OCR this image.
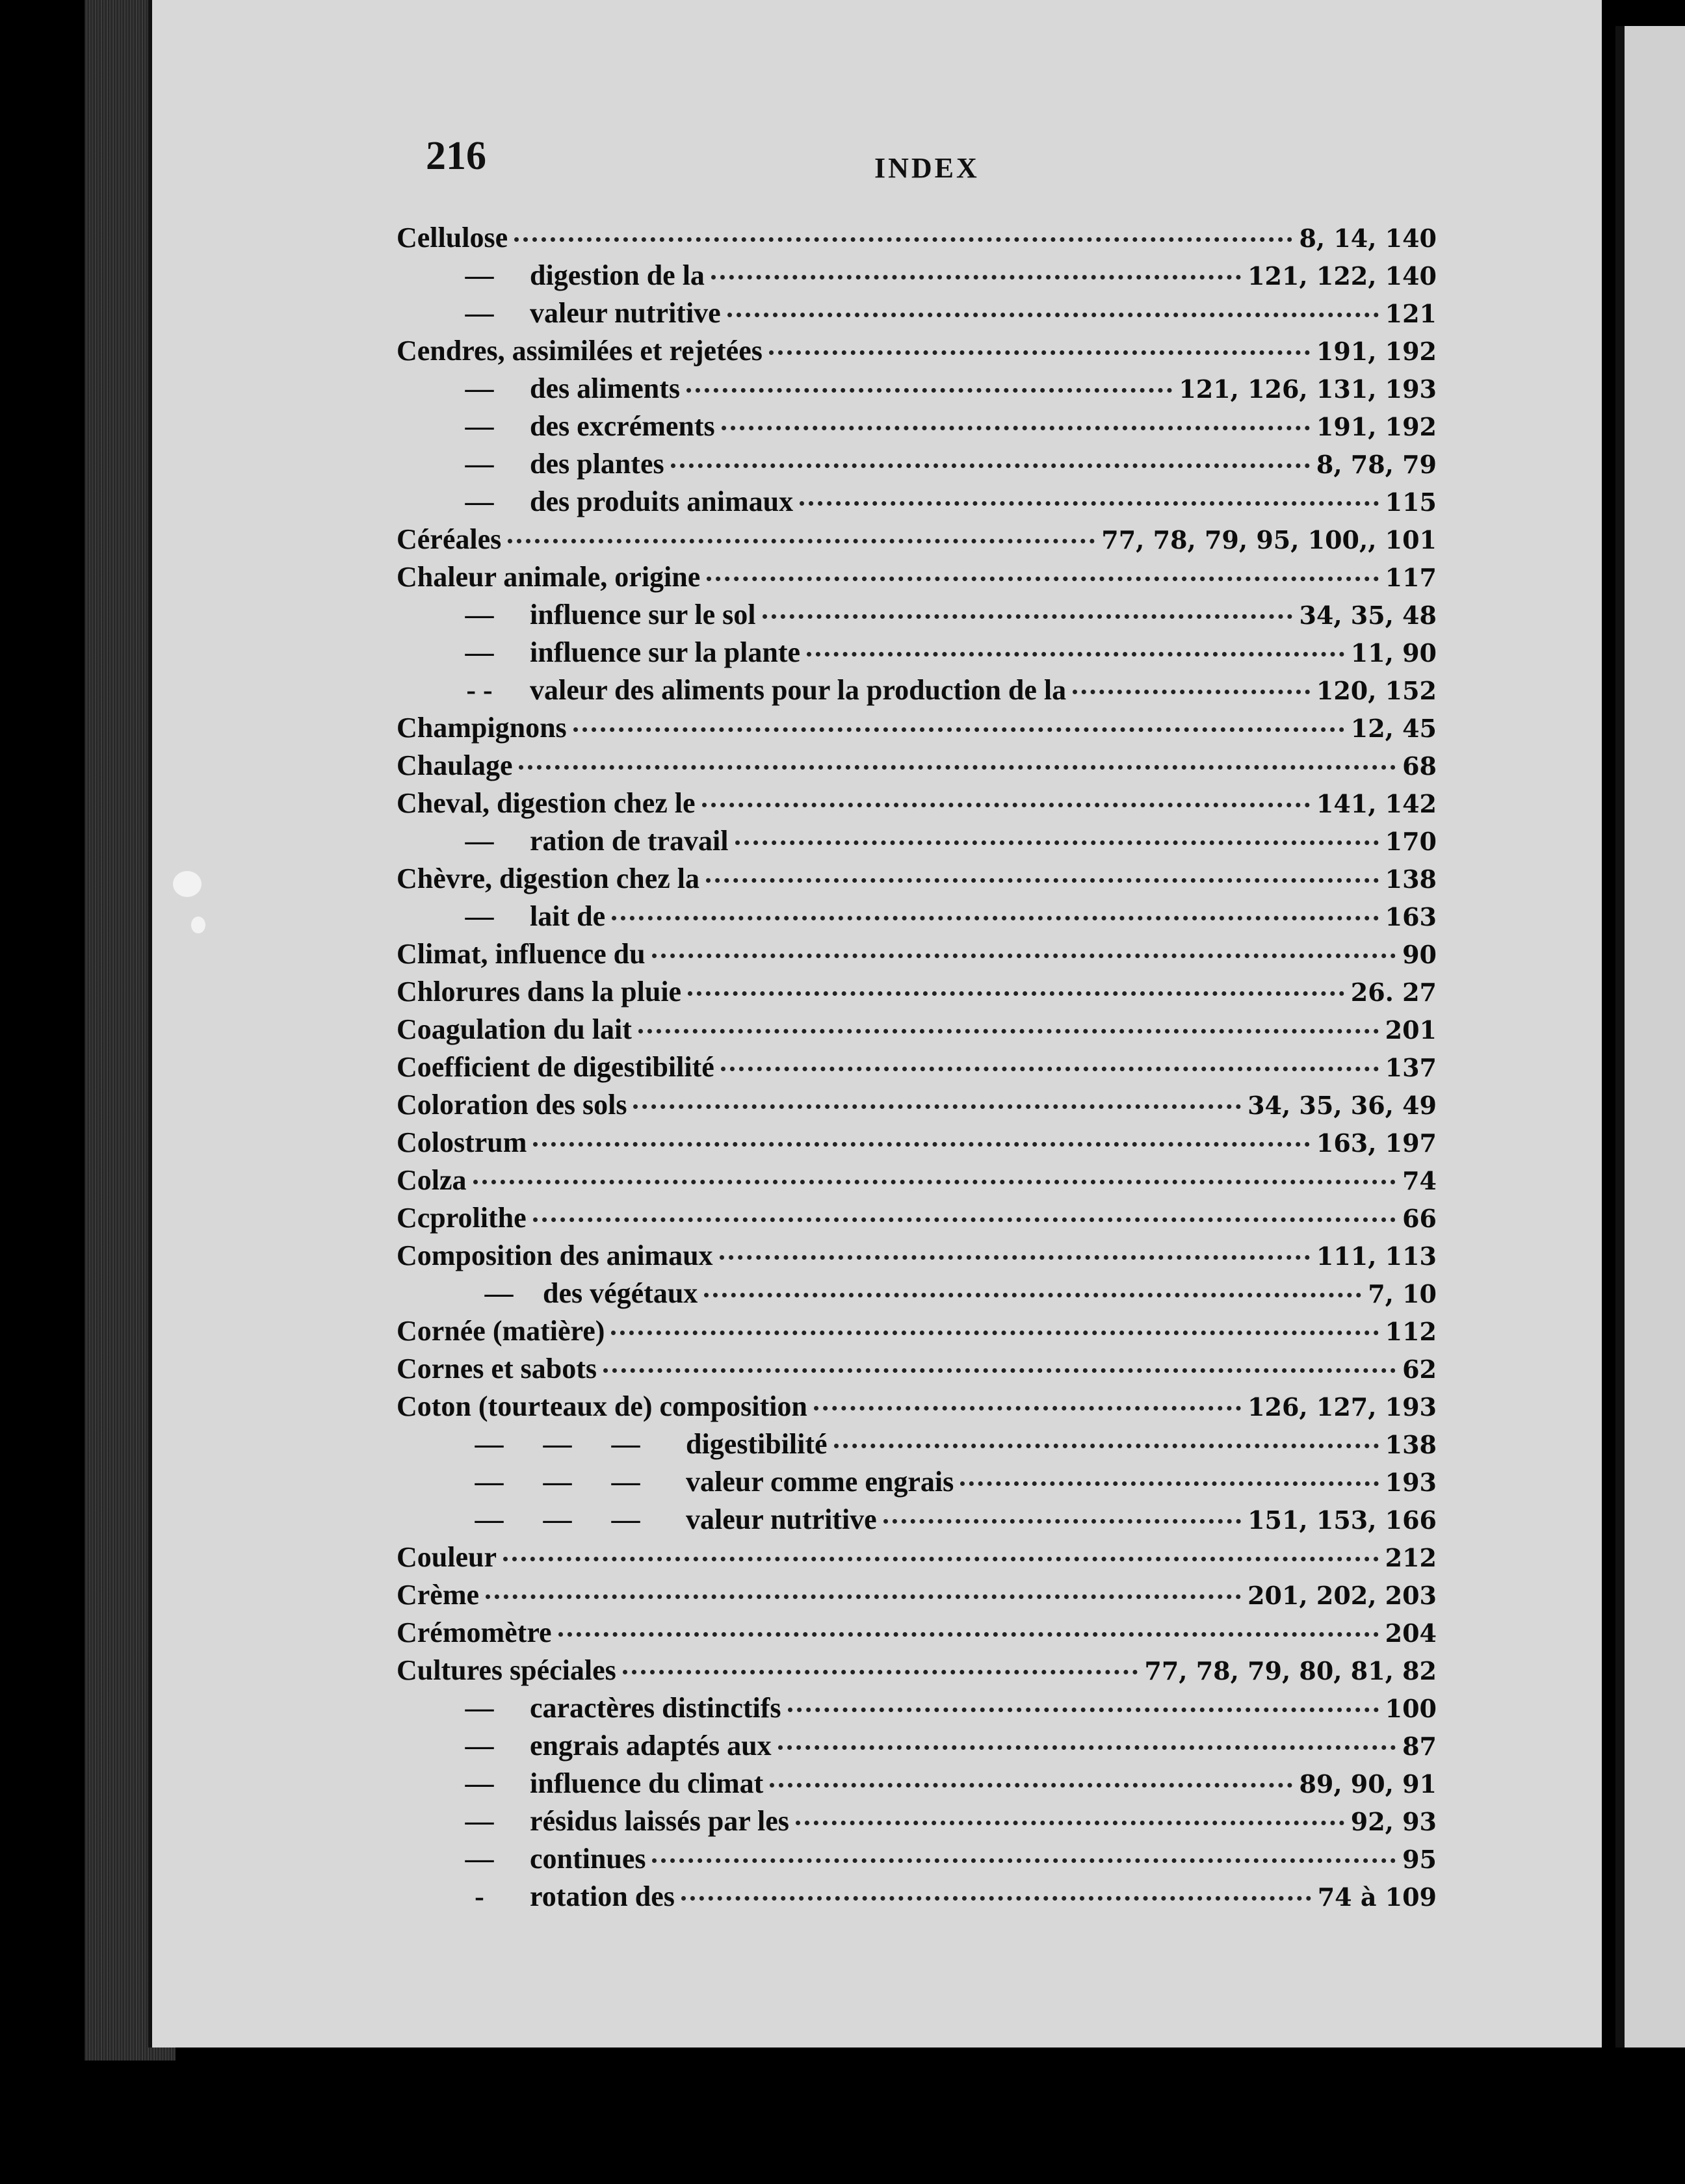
216	INDEX
Cellulose	8, 14, 140
—	digestion de la	121, 122, 140
—	valeur nutritive	121
Cendres, assimilées et rejetées	191, 192
—	des aliments	121, 126, 131, 193
—	des excréments	191, 192
—	des plantes	8, 78, 79
—	des produits animaux	115
Céréales	77, 78, 79, 95, 100,, 101
Chaleur animale, origine	117
—	influence sur le sol	34, 35, 48
—	influence sur la plante	11, 90
- -	valeur des aliments pour la production de la	120, 152
Champignons	12, 45
Chaulage	68
Cheval, digestion chez le	141, 142
—	ration de travail	170
Chèvre, digestion chez la	138
—	lait de	163
Climat, influence du	90
Chlorures dans la pluie	26. 27
Coagulation du lait	201
Coefficient de digestibilité	137
Coloration des sols	34, 35, 36, 49
Colostrum	163, 197
Colza	74
Ccprolithe	66
Composition des animaux	111, 113
—	des végétaux	7, 10
Cornée (matière)	112
Cornes et sabots	62
Coton (tourteaux de) composition	126, 127, 193
—	—	—	digestibilité	138
—	—	—	valeur comme engrais	193
—	—	—	valeur nutritive	151, 153, 166
Couleur	212
Crème	201, 202, 203
Crémomètre	204
Cultures spéciales	77, 78, 79, 80, 81, 82
—	caractères distinctifs	100
—	engrais adaptés aux	87
—	influence du climat	89, 90, 91
—	résidus laissés par les	92, 93
—	continues	95
-	rotation des	74 à 109
